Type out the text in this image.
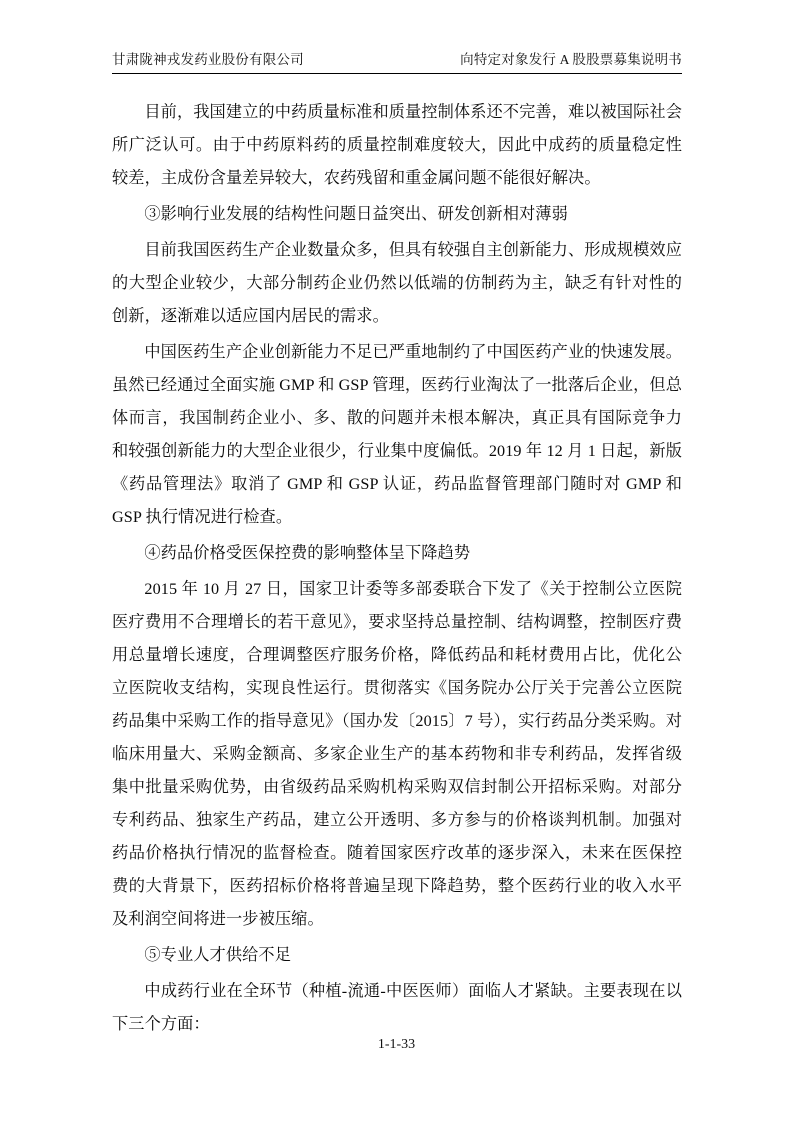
甘肃陇神戎发药业股份有限公司	向特定对象发行 A 股股票募集说明书

目前，我国建立的中药质量标准和质量控制体系还不完善，难以被国际社会所广泛认可。由于中药原料药的质量控制难度较大，因此中成药的质量稳定性较差，主成份含量差异较大，农药残留和重金属问题不能很好解决。

③影响行业发展的结构性问题日益突出、研发创新相对薄弱

目前我国医药生产企业数量众多，但具有较强自主创新能力、形成规模效应的大型企业较少，大部分制药企业仍然以低端的仿制药为主，缺乏有针对性的创新，逐渐难以适应国内居民的需求。

中国医药生产企业创新能力不足已严重地制约了中国医药产业的快速发展。虽然已经通过全面实施 GMP 和 GSP 管理，医药行业淘汰了一批落后企业，但总体而言，我国制药企业小、多、散的问题并未根本解决，真正具有国际竞争力和较强创新能力的大型企业很少，行业集中度偏低。2019 年 12 月 1 日起，新版《药品管理法》取消了 GMP 和 GSP 认证，药品监督管理部门随时对 GMP 和 GSP 执行情况进行检查。

④药品价格受医保控费的影响整体呈下降趋势

2015 年 10 月 27 日，国家卫计委等多部委联合下发了《关于控制公立医院医疗费用不合理增长的若干意见》，要求坚持总量控制、结构调整，控制医疗费用总量增长速度，合理调整医疗服务价格，降低药品和耗材费用占比，优化公立医院收支结构，实现良性运行。贯彻落实《国务院办公厅关于完善公立医院药品集中采购工作的指导意见》（国办发〔2015〕7 号），实行药品分类采购。对临床用量大、采购金额高、多家企业生产的基本药物和非专利药品，发挥省级集中批量采购优势，由省级药品采购机构采购双信封制公开招标采购。对部分专利药品、独家生产药品，建立公开透明、多方参与的价格谈判机制。加强对药品价格执行情况的监督检查。随着国家医疗改革的逐步深入，未来在医保控费的大背景下，医药招标价格将普遍呈现下降趋势，整个医药行业的收入水平及利润空间将进一步被压缩。

⑤专业人才供给不足

中成药行业在全环节（种植-流通-中医医师）面临人才紧缺。主要表现在以下三个方面：

1-1-33
